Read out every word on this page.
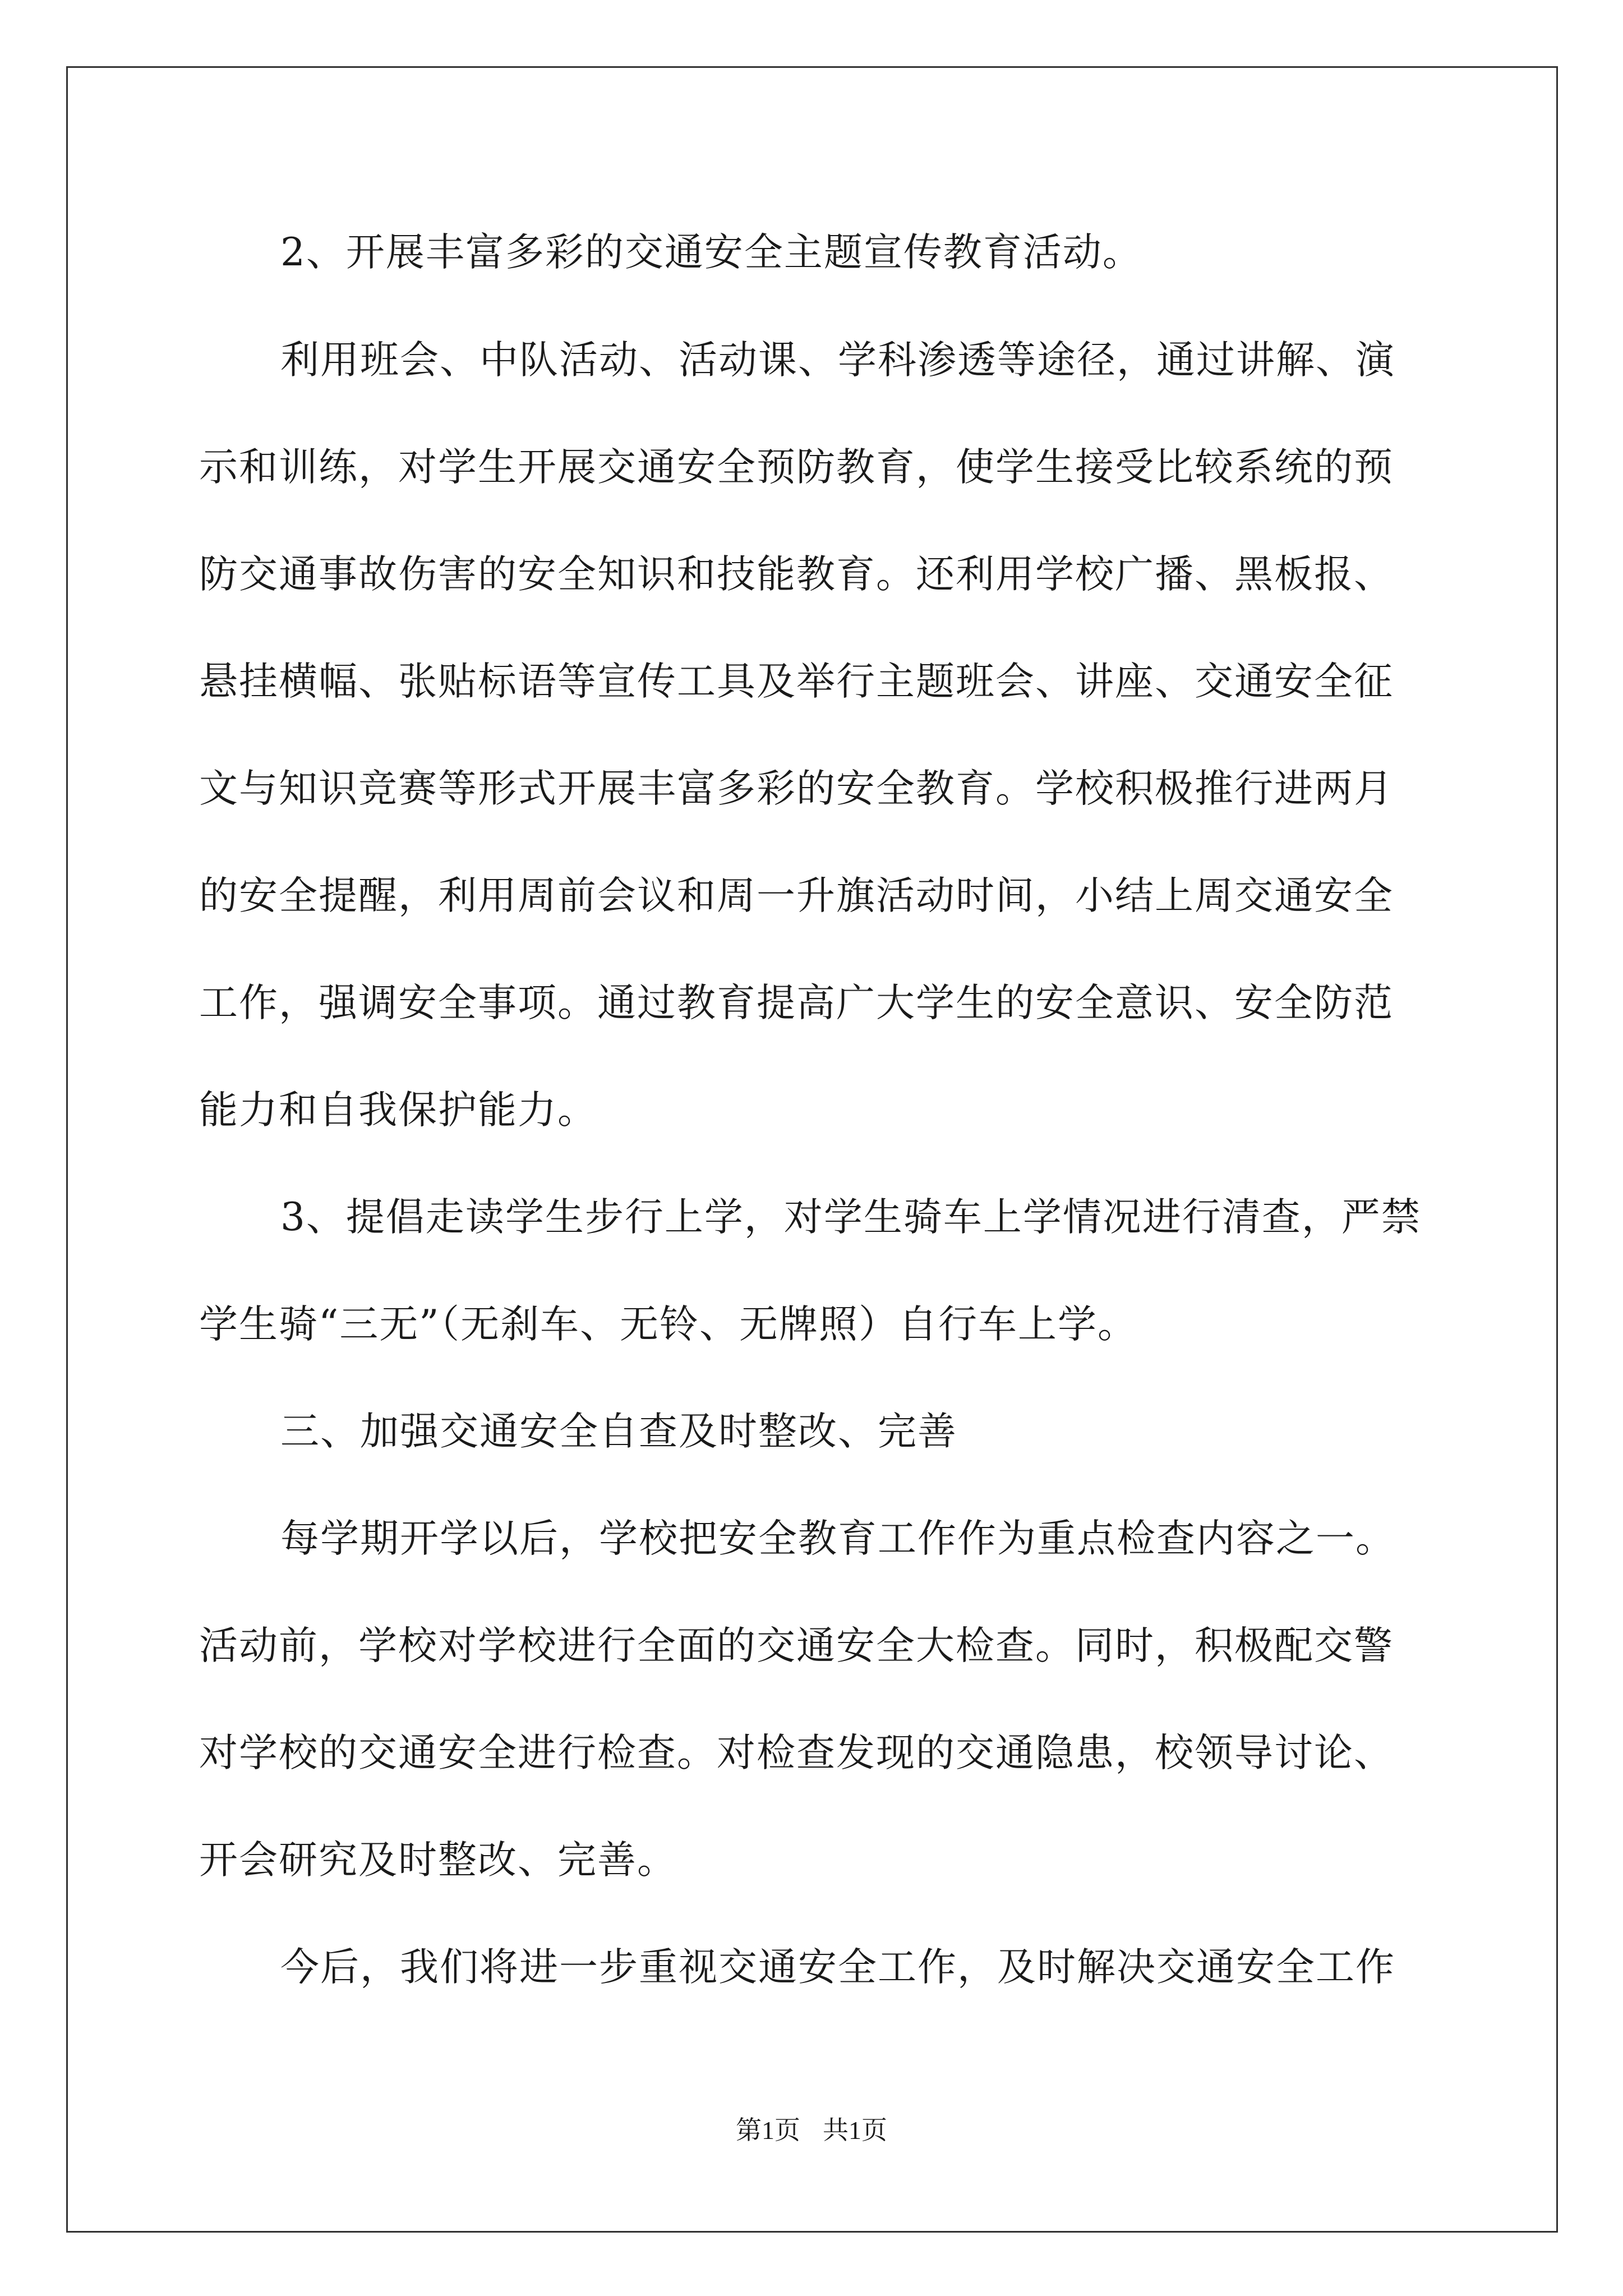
2、开展丰富多彩的交通安全主题宣传教育活动。
利用班会、中队活动、活动课、学科渗透等途径，通过讲解、演
示和训练，对学生开展交通安全预防教育，使学生接受比较系统的预
防交通事故伤害的安全知识和技能教育。还利用学校广播、黑板报、
悬挂横幅、张贴标语等宣传工具及举行主题班会、讲座、交通安全征
文与知识竞赛等形式开展丰富多彩的安全教育。学校积极推行进两月
的安全提醒，利用周前会议和周一升旗活动时间，小结上周交通安全
工作，强调安全事项。通过教育提高广大学生的安全意识、安全防范
能力和自我保护能力。
3、提倡走读学生步行上学，对学生骑车上学情况进行清查，严禁
学生骑“三无”（无刹车、无铃、无牌照）自行车上学。
三、加强交通安全自查及时整改、完善
每学期开学以后，学校把安全教育工作作为重点检查内容之一。
活动前，学校对学校进行全面的交通安全大检查。同时，积极配交警
对学校的交通安全进行检查。对检查发现的交通隐患，校领导讨论、
开会研究及时整改、完善。
今后，我们将进一步重视交通安全工作，及时解决交通安全工作
第1页 共1页
